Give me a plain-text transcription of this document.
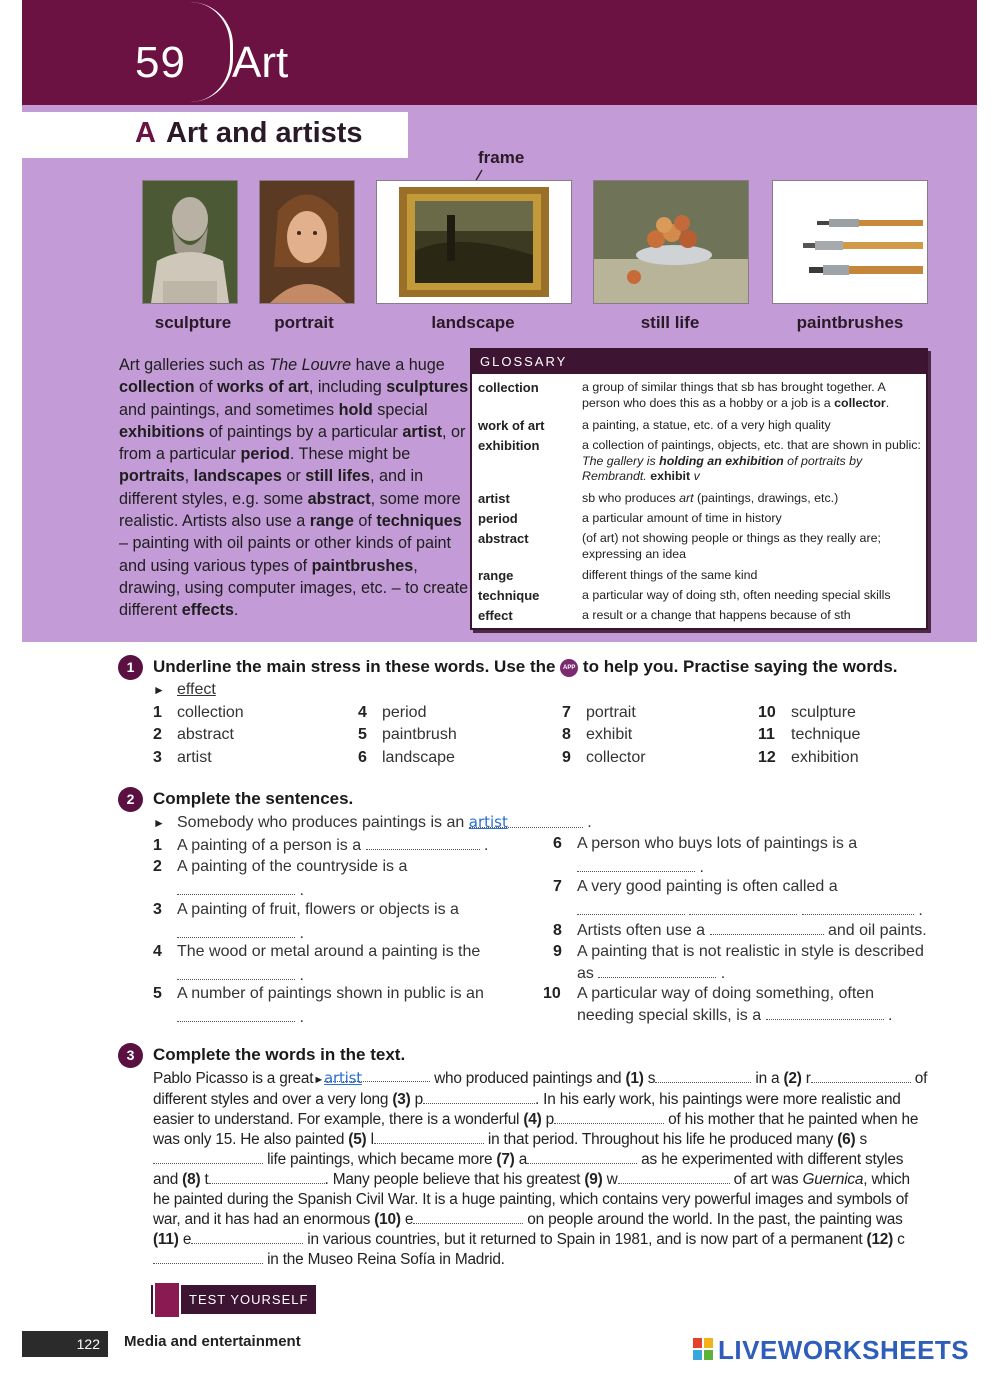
59 Art
A Art and artists
frame
sculpture	portrait	landscape	still life	paintbrushes
Art galleries such as The Louvre have a huge collection of works of art, including sculptures and paintings, and sometimes hold special exhibitions of paintings by a particular artist, or from a particular period. These might be portraits, landscapes or still lifes, and in different styles, e.g. some abstract, some more realistic. Artists also use a range of techniques – painting with oil paints or other kinds of paint and using various types of paintbrushes, drawing, using computer images, etc. – to create different effects.
GLOSSARY
collection	a group of similar things that sb has brought together. A person who does this as a hobby or a job is a collector.
work of art	a painting, a statue, etc. of a very high quality
exhibition	a collection of paintings, objects, etc. that are shown in public: The gallery is holding an exhibition of portraits by Rembrandt. exhibit v
artist	sb who produces art (paintings, drawings, etc.)
period	a particular amount of time in history
abstract	(of art) not showing people or things as they really are; expressing an idea
range	different things of the same kind
technique	a particular way of doing sth, often needing special skills
effect	a result or a change that happens because of sth
1	Underline the main stress in these words. Use the APP to help you. Practise saying the words.
► effect
1 collection
2 abstract
3 artist
4 period
5 paintbrush
6 landscape
7 portrait
8 exhibit
9 collector
10 sculpture
11 technique
12 exhibition
2	Complete the sentences.
► Somebody who produces paintings is an artist	.
1 A painting of a person is a	.
2 A painting of the countryside is a
.
3 A painting of fruit, flowers or objects is a
.
4 The wood or metal around a painting is the
.
5 A number of paintings shown in public is an
.
6 A person who buys lots of paintings is a
.
7 A very good painting is often called a
.
8 Artists often use a	and oil paints.
9 A painting that is not realistic in style is described
as	.
10 A particular way of doing something, often
needing special skills, is a	.
3	Complete the words in the text.
Pablo Picasso is a great►artist	who produced paintings and (1) s	in a (2) r	of different styles and over a very long (3) p	. In his early work, his paintings were more realistic and easier to understand. For example, there is a wonderful (4) p	of his mother that he painted when he was only 15. He also painted (5) l	in that period. Throughout his life he produced many (6) s life paintings, which became more (7) a	as he experimented with different styles and (8) t	. Many people believe that his greatest (9) w	of art was Guernica, which he painted during the Spanish Civil War. It is a huge painting, which contains very powerful images and symbols of war, and it has had an enormous (10) e	on people around the world. In the past, the painting was (11) e	in various countries, but it returned to Spain in 1981, and is now part of a permanent (12) c in the Museo Reina Sofía in Madrid.
TEST YOURSELF
122	Media and entertainment	LIVEWORKSHEETS
